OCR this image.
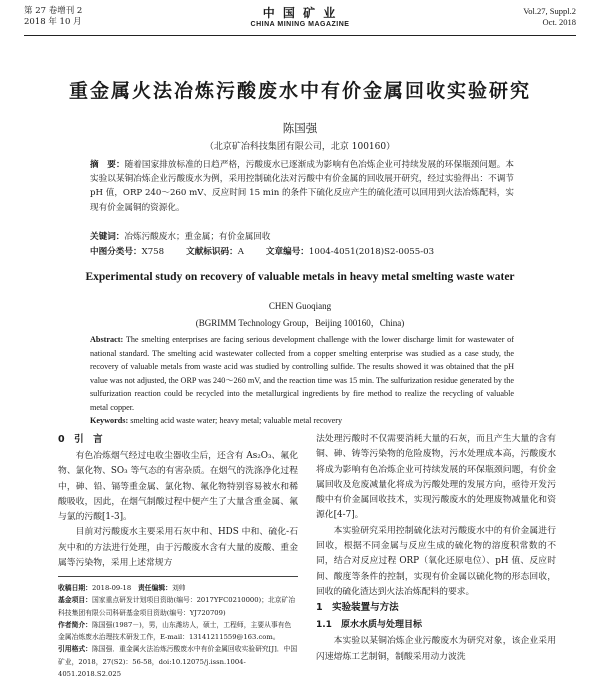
第 27 卷增刊 2
2018 年 10 月
中 国 矿 业
CHINA MINING MAGAZINE
Vol.27, Suppl.2
Oct. 2018
重金属火法冶炼污酸废水中有价金属回收实验研究
陈国强
（北京矿冶科技集团有限公司，北京 100160）
摘　要：随着国家排放标准的日趋严格，污酸废水已逐渐成为影响有色冶炼企业可持续发展的环保瓶颈问题。本实验以某铜冶炼企业污酸废水为例，采用控制硫化法对污酸中有价金属的回收展开研究，经过实验得出：不调节 pH 值，ORP 240～260 mV、反应时间 15 min 的条件下硫化反应产生的硫化渣可以回用到火法冶炼配料，实现有价金属铜的资源化。
关键词：冶炼污酸废水；重金属；有价金属回收
中图分类号：X758	文献标识码：A	文章编号：1004-4051(2018)S2-0055-03
Experimental study on recovery of valuable metals in heavy metal smelting waste water
CHEN Guoqiang
(BGRIMM Technology Group，Beijing 100160，China)
Abstract: The smelting enterprises are facing serious development challenge with the lower discharge limit for wastewater of national standard. The smelting acid wastewater collected from a copper smelting enterprise was studied as a case study, the recovery of valuable metals from waste acid was studied by controlling sulfide. The results showed it was obtained that the pH value was not adjusted, the ORP was 240～260 mV, and the reaction time was 15 min. The sulfurization residue generated by the sulfurization reaction could be recycled into the metallurgical ingredients by fire method to realize the recycling of valuable metal copper.
Keywords: smelting acid waste water; heavy metal; valuable metal recovery
0　引　言

有色冶炼烟气经过电收尘器收尘后，还含有 As₂O₃、氟化物、氯化物、SO₃ 等气态的有害杂质。在烟气的洗涤净化过程中，砷、铅、镉等重金属、氯化物、氟化物特别容易被水和稀酸吸收，因此，在烟气制酸过程中便产生了大量含重金属、氟与氯的污酸[1-3]。

目前对污酸废水主要采用石灰中和、HDS 中和、硫化-石灰中和的方法进行处理，由于污酸废水含有大量的废酸、重金属等污染物，采用上述常规方

收稿日期：2018-09-18　 责任编辑：刘帅
基金项目：国家重点研发计划项目资助(编号：2017YFC0210000)；北京矿冶科技集团有限公司科研基金项目资助(编号：YJ720709)
作者简介：陈国强(1987－)，男，山东潍坊人，硕士，工程师，主要从事有色金属冶炼废水治理技术研发工作，E-mail：13141211559@163.com。
引用格式：陈国强．重金属火法冶炼污酸废水中有价金属回收实验研究[J]．中国矿业，2018，27(S2)：56-58，doi:10.12075/j.issn.1004-4051.2018.S2.025

法处理污酸时不仅需要消耗大量的石灰，而且产生大量的含有铜、砷、铸等污染物的危险废物，污水处理成本高，污酸废水将成为影响有色冶炼企业可持续发展的环保瓶颈问题，有价金属回收及危废减量化将成为污酸处理的发展方向，亟待开发污酸中有价金属回收技术，实现污酸废水的处理废物减量化和资源化[4-7]。

本实验研究采用控制硫化法对污酸废水中的有价金属进行回收，根据不同金属与反应生成的硫化物的溶度积常数的不同，结合对反应过程 ORP（氧化还原电位）、pH 值、反应时间、酸度等条件的控制，实现有价金属以硫化物的形态回收，回收的硫化渣达到火法冶炼配料的要求。

1　实验装置与方法
1.1　原水水质与处理目标

本实验以某铜冶炼企业污酸废水为研究对象，该企业采用闪速熔炼工艺制铜，制酸采用动力波洗
